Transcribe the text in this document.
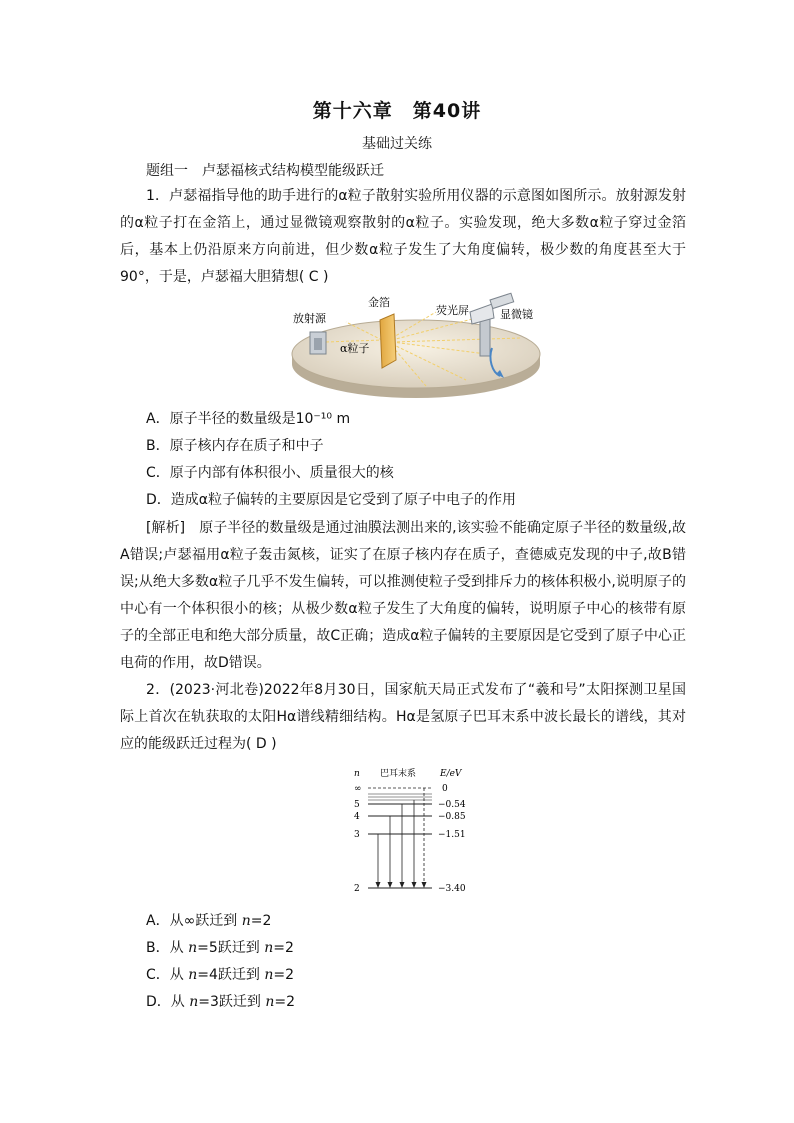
第十六章　第40讲
基础过关练
题组一　卢瑟福核式结构模型能级跃迁
1．卢瑟福指导他的助手进行的α粒子散射实验所用仪器的示意图如图所示。放射源发射的α粒子打在金箔上，通过显微镜观察散射的α粒子。实验发现，绝大多数α粒子穿过金箔后，基本上仍沿原来方向前进，但少数α粒子发生了大角度偏转，极少数的角度甚至大于90°，于是，卢瑟福大胆猜想( C )
放射源
金箔
荧光屏	显微镜
α粒子
A．原子半径的数量级是10⁻¹⁰ m
B．原子核内存在质子和中子
C．原子内部有体积很小、质量很大的核
D．造成α粒子偏转的主要原因是它受到了原子中电子的作用
[解析]　原子半径的数量级是通过油膜法测出来的,该实验不能确定原子半径的数量级,故A错误;卢瑟福用α粒子轰击氮核，证实了在原子核内存在质子，查德威克发现的中子,故B错误;从绝大多数α粒子几乎不发生偏转，可以推测使粒子受到排斥力的核体积极小,说明原子的中心有一个体积很小的核；从极少数α粒子发生了大角度的偏转，说明原子中心的核带有原子的全部正电和绝大部分质量，故C正确；造成α粒子偏转的主要原因是它受到了原子中心正电荷的作用，故D错误。
2．(2023·河北卷)2022年8月30日，国家航天局正式发布了“羲和号”太阳探测卫星国际上首次在轨获取的太阳Hα谱线精细结构。Hα是氢原子巴耳末系中波长最长的谱线，其对应的能级跃迁过程为( D )
n 巴耳末系	E/eV
∞
5
4
3
2
0
−0.54
−0.85
−1.51
−3.40
A．从∞跃迁到 n=2
B．从 n=5跃迁到 n=2
C．从 n=4跃迁到 n=2
D．从 n=3跃迁到 n=2
